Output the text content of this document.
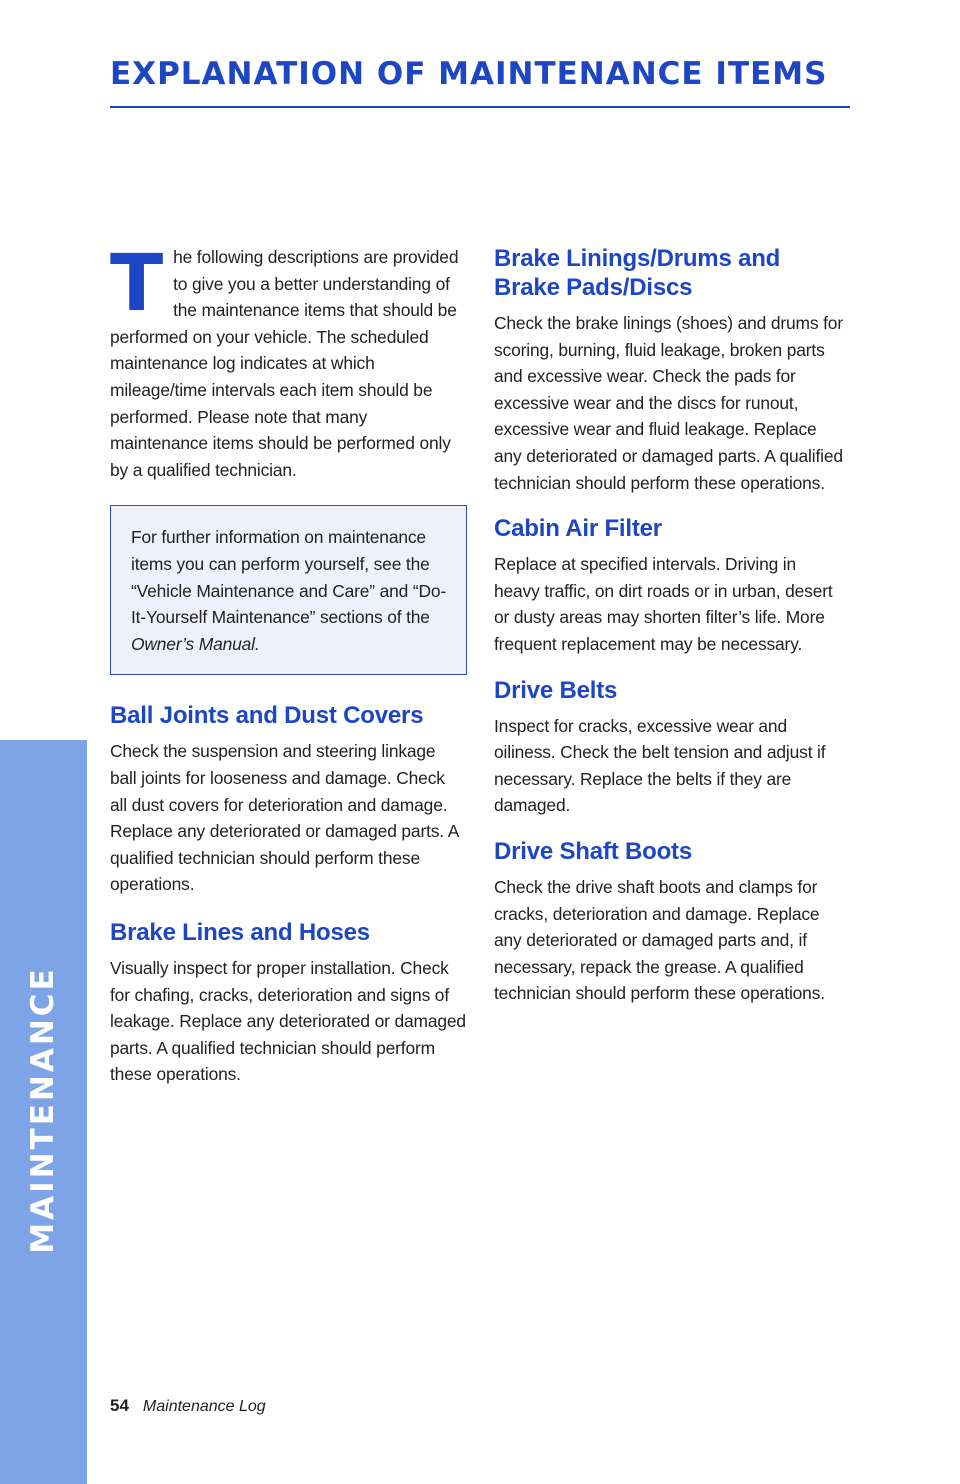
EXPLANATION OF MAINTENANCE ITEMS
MAINTENANCE

The following descriptions are provided to give you a better understanding of the maintenance items that should be performed on your vehicle. The scheduled maintenance log indicates at which mileage/time intervals each item should be performed. Please note that many maintenance items should be performed only by a qualified technician.

For further information on maintenance items you can perform yourself, see the “Vehicle Maintenance and Care” and “Do-It-Yourself Maintenance” sections of the Owner’s Manual.

Ball Joints and Dust Covers

Check the suspension and steering linkage ball joints for looseness and damage. Check all dust covers for deterioration and damage. Replace any deteriorated or damaged parts. A qualified technician should perform these operations.

Brake Lines and Hoses

Visually inspect for proper installation. Check for chafing, cracks, deterioration and signs of leakage. Replace any deteriorated or damaged parts. A qualified technician should perform these operations.

Brake Linings/Drums and Brake Pads/Discs

Check the brake linings (shoes) and drums for scoring, burning, fluid leakage, broken parts and excessive wear. Check the pads for excessive wear and the discs for runout, excessive wear and fluid leakage. Replace any deteriorated or damaged parts. A qualified technician should perform these operations.

Cabin Air Filter

Replace at specified intervals. Driving in heavy traffic, on dirt roads or in urban, desert or dusty areas may shorten filter’s life. More frequent replacement may be necessary.

Drive Belts

Inspect for cracks, excessive wear and oiliness. Check the belt tension and adjust if necessary. Replace the belts if they are damaged.

Drive Shaft Boots

Check the drive shaft boots and clamps for cracks, deterioration and damage. Replace any deteriorated or damaged parts and, if necessary, repack the grease. A qualified technician should perform these operations.

54 Maintenance Log
